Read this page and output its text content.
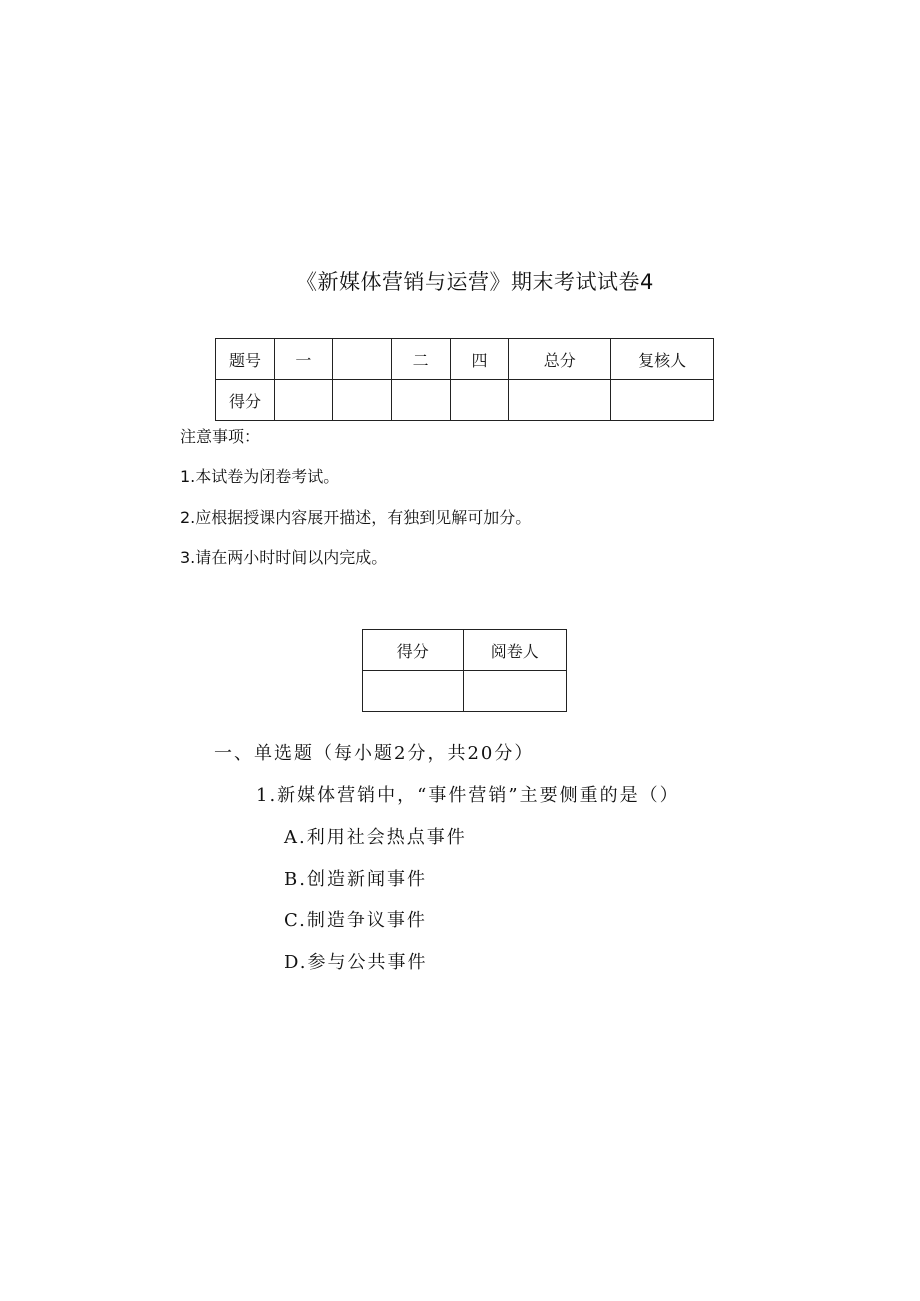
《新媒体营销与运营》期末考试试卷4
题号	一		二	四	总分	复核人
得分						
注意事项：
1.本试卷为闭卷考试。
2.应根据授课内容展开描述，有独到见解可加分。
3.请在两小时时间以内完成。
得分	阅卷人

一、单选题（每小题2分，共20分）
1.新媒体营销中，“事件营销”主要侧重的是（）
A.利用社会热点事件
B.创造新闻事件
C.制造争议事件
D.参与公共事件
